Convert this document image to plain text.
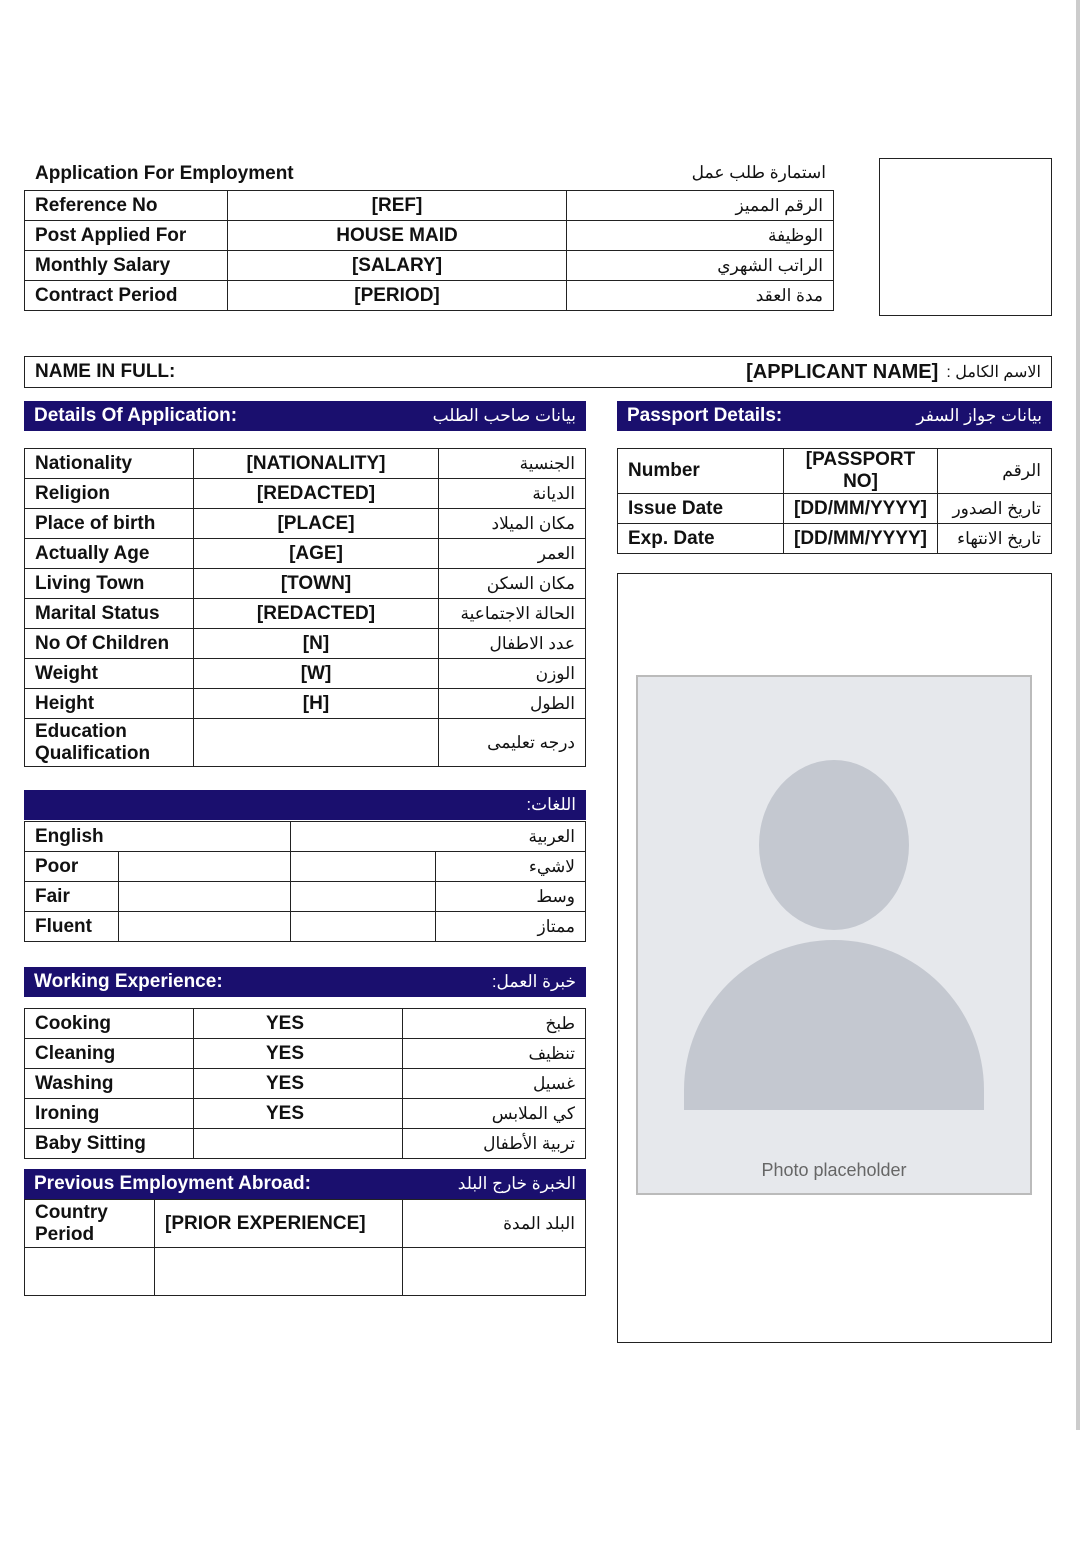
Application For Employment	استمارة طلب عمل
Reference No	[REF]	الرقم المميز
Post Applied For	HOUSE MAID	الوظيفة
Monthly Salary	[SALARY]	الراتب الشهري
Contract Period	[PERIOD]	مدة العقد
NAME IN FULL:	[APPLICANT NAME] الاسم الكامل :
Details Of Application:	بيانات صاحب الطلب	Passport Details:	بيانات جواز السفر
Nationality	[NATIONALITY]	الجنسية
Religion	[REDACTED]	الديانة
Place of birth	[PLACE]	مكان الميلاد
Actually Age	[AGE]	العمر
Living Town	[TOWN]	مكان السكن
Marital Status	[REDACTED]	الحالة الاجتماعية
No Of Children	[N]	عدد الاطفال
Weight	[W]	الوزن
Height	[H]	الطول
Education Qualification		درجه تعليمى
Number	[PASSPORT NO]	الرقم
Issue Date	[DD/MM/YYYY]	تاريخ الصدور
Exp. Date	[DD/MM/YYYY]	تاريخ الانتهاء
Photo placeholder
اللغات:
English		العربية	
Poor			لاشيء
Fair			وسط
Fluent			ممتاز
Working Experience:	خبرة العمل:
Cooking	YES	طبخ
Cleaning	YES	تنظيف
Washing	YES	غسيل
Ironing	YES	كي الملابس
Baby Sitting		تربية الأطفال
Previous Employment Abroad:	الخبرة خارج البلد
Country Period	[PRIOR EXPERIENCE]	البلد المدة
